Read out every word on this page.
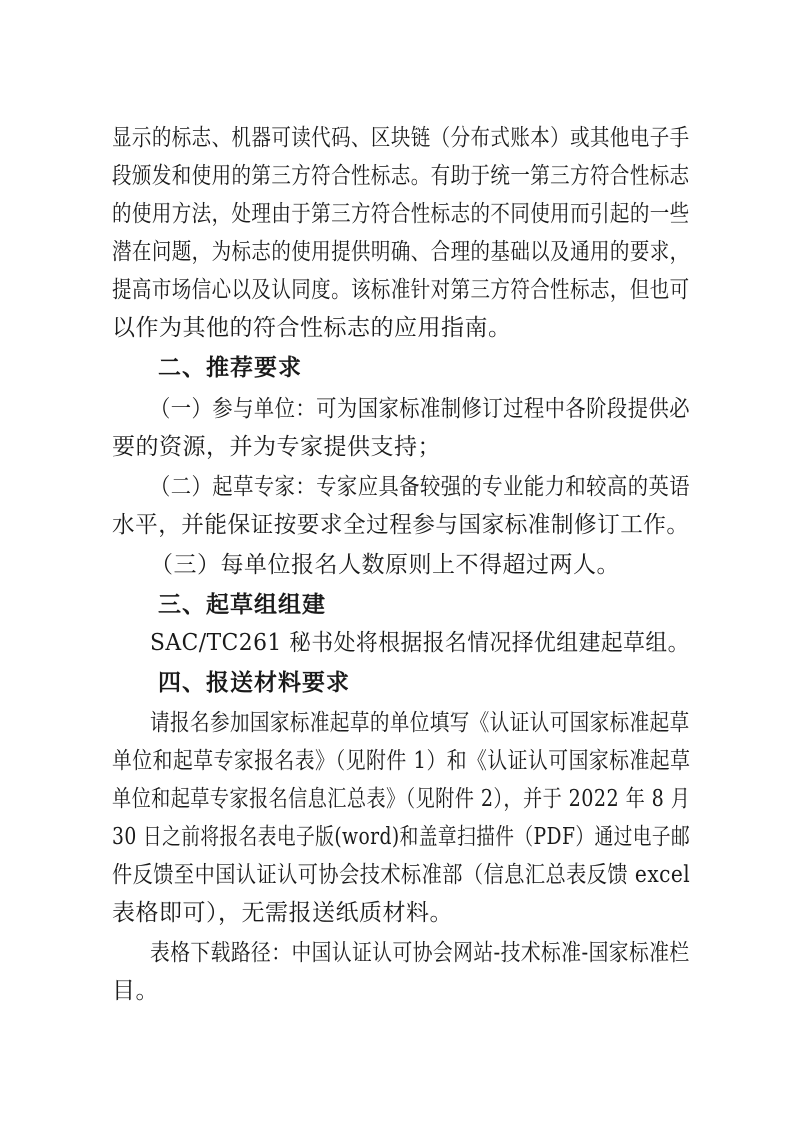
显示的标志、机器可读代码、区块链（分布式账本）或其他电子手
段颁发和使用的第三方符合性标志。有助于统一第三方符合性标志
的使用方法，处理由于第三方符合性标志的不同使用而引起的一些
潜在问题，为标志的使用提供明确、合理的基础以及通用的要求，
提高市场信心以及认同度。该标准针对第三方符合性标志，但也可
以作为其他的符合性标志的应用指南。
二、推荐要求
（一）参与单位：可为国家标准制修订过程中各阶段提供必
要的资源，并为专家提供支持；
（二）起草专家：专家应具备较强的专业能力和较高的英语
水平，并能保证按要求全过程参与国家标准制修订工作。
（三）每单位报名人数原则上不得超过两人。
三、起草组组建
SAC/TC261 秘书处将根据报名情况择优组建起草组。
四、报送材料要求
请报名参加国家标准起草的单位填写《认证认可国家标准起草
单位和起草专家报名表》（见附件 1）和《认证认可国家标准起草
单位和起草专家报名信息汇总表》（见附件 2），并于 2022 年 8 月
30 日之前将报名表电子版(word)和盖章扫描件（PDF）通过电子邮
件反馈至中国认证认可协会技术标准部（信息汇总表反馈 excel
表格即可），无需报送纸质材料。
表格下载路径：中国认证认可协会网站-技术标准-国家标准栏
目。
